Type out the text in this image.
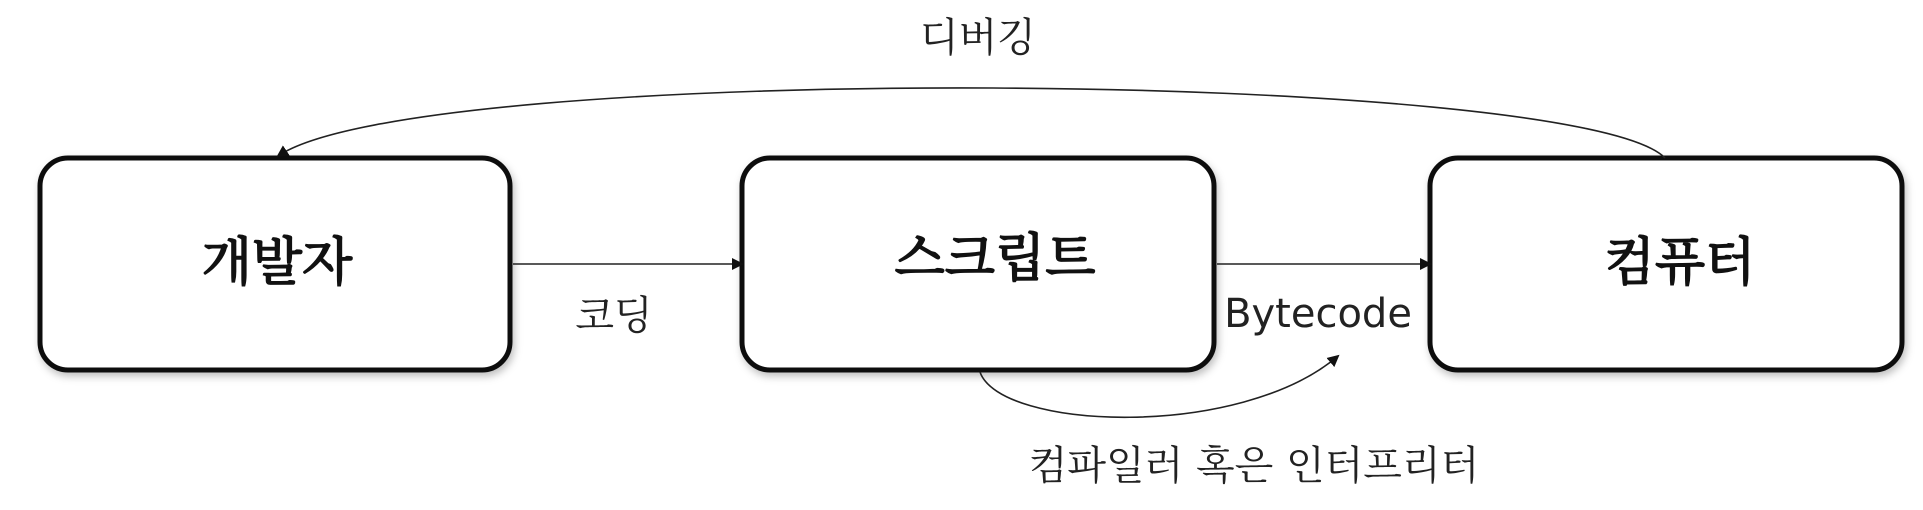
개발자	스크립트	컴퓨터
코딩	Bytecode
컴파일러 혹은 인터프리터
디버깅
